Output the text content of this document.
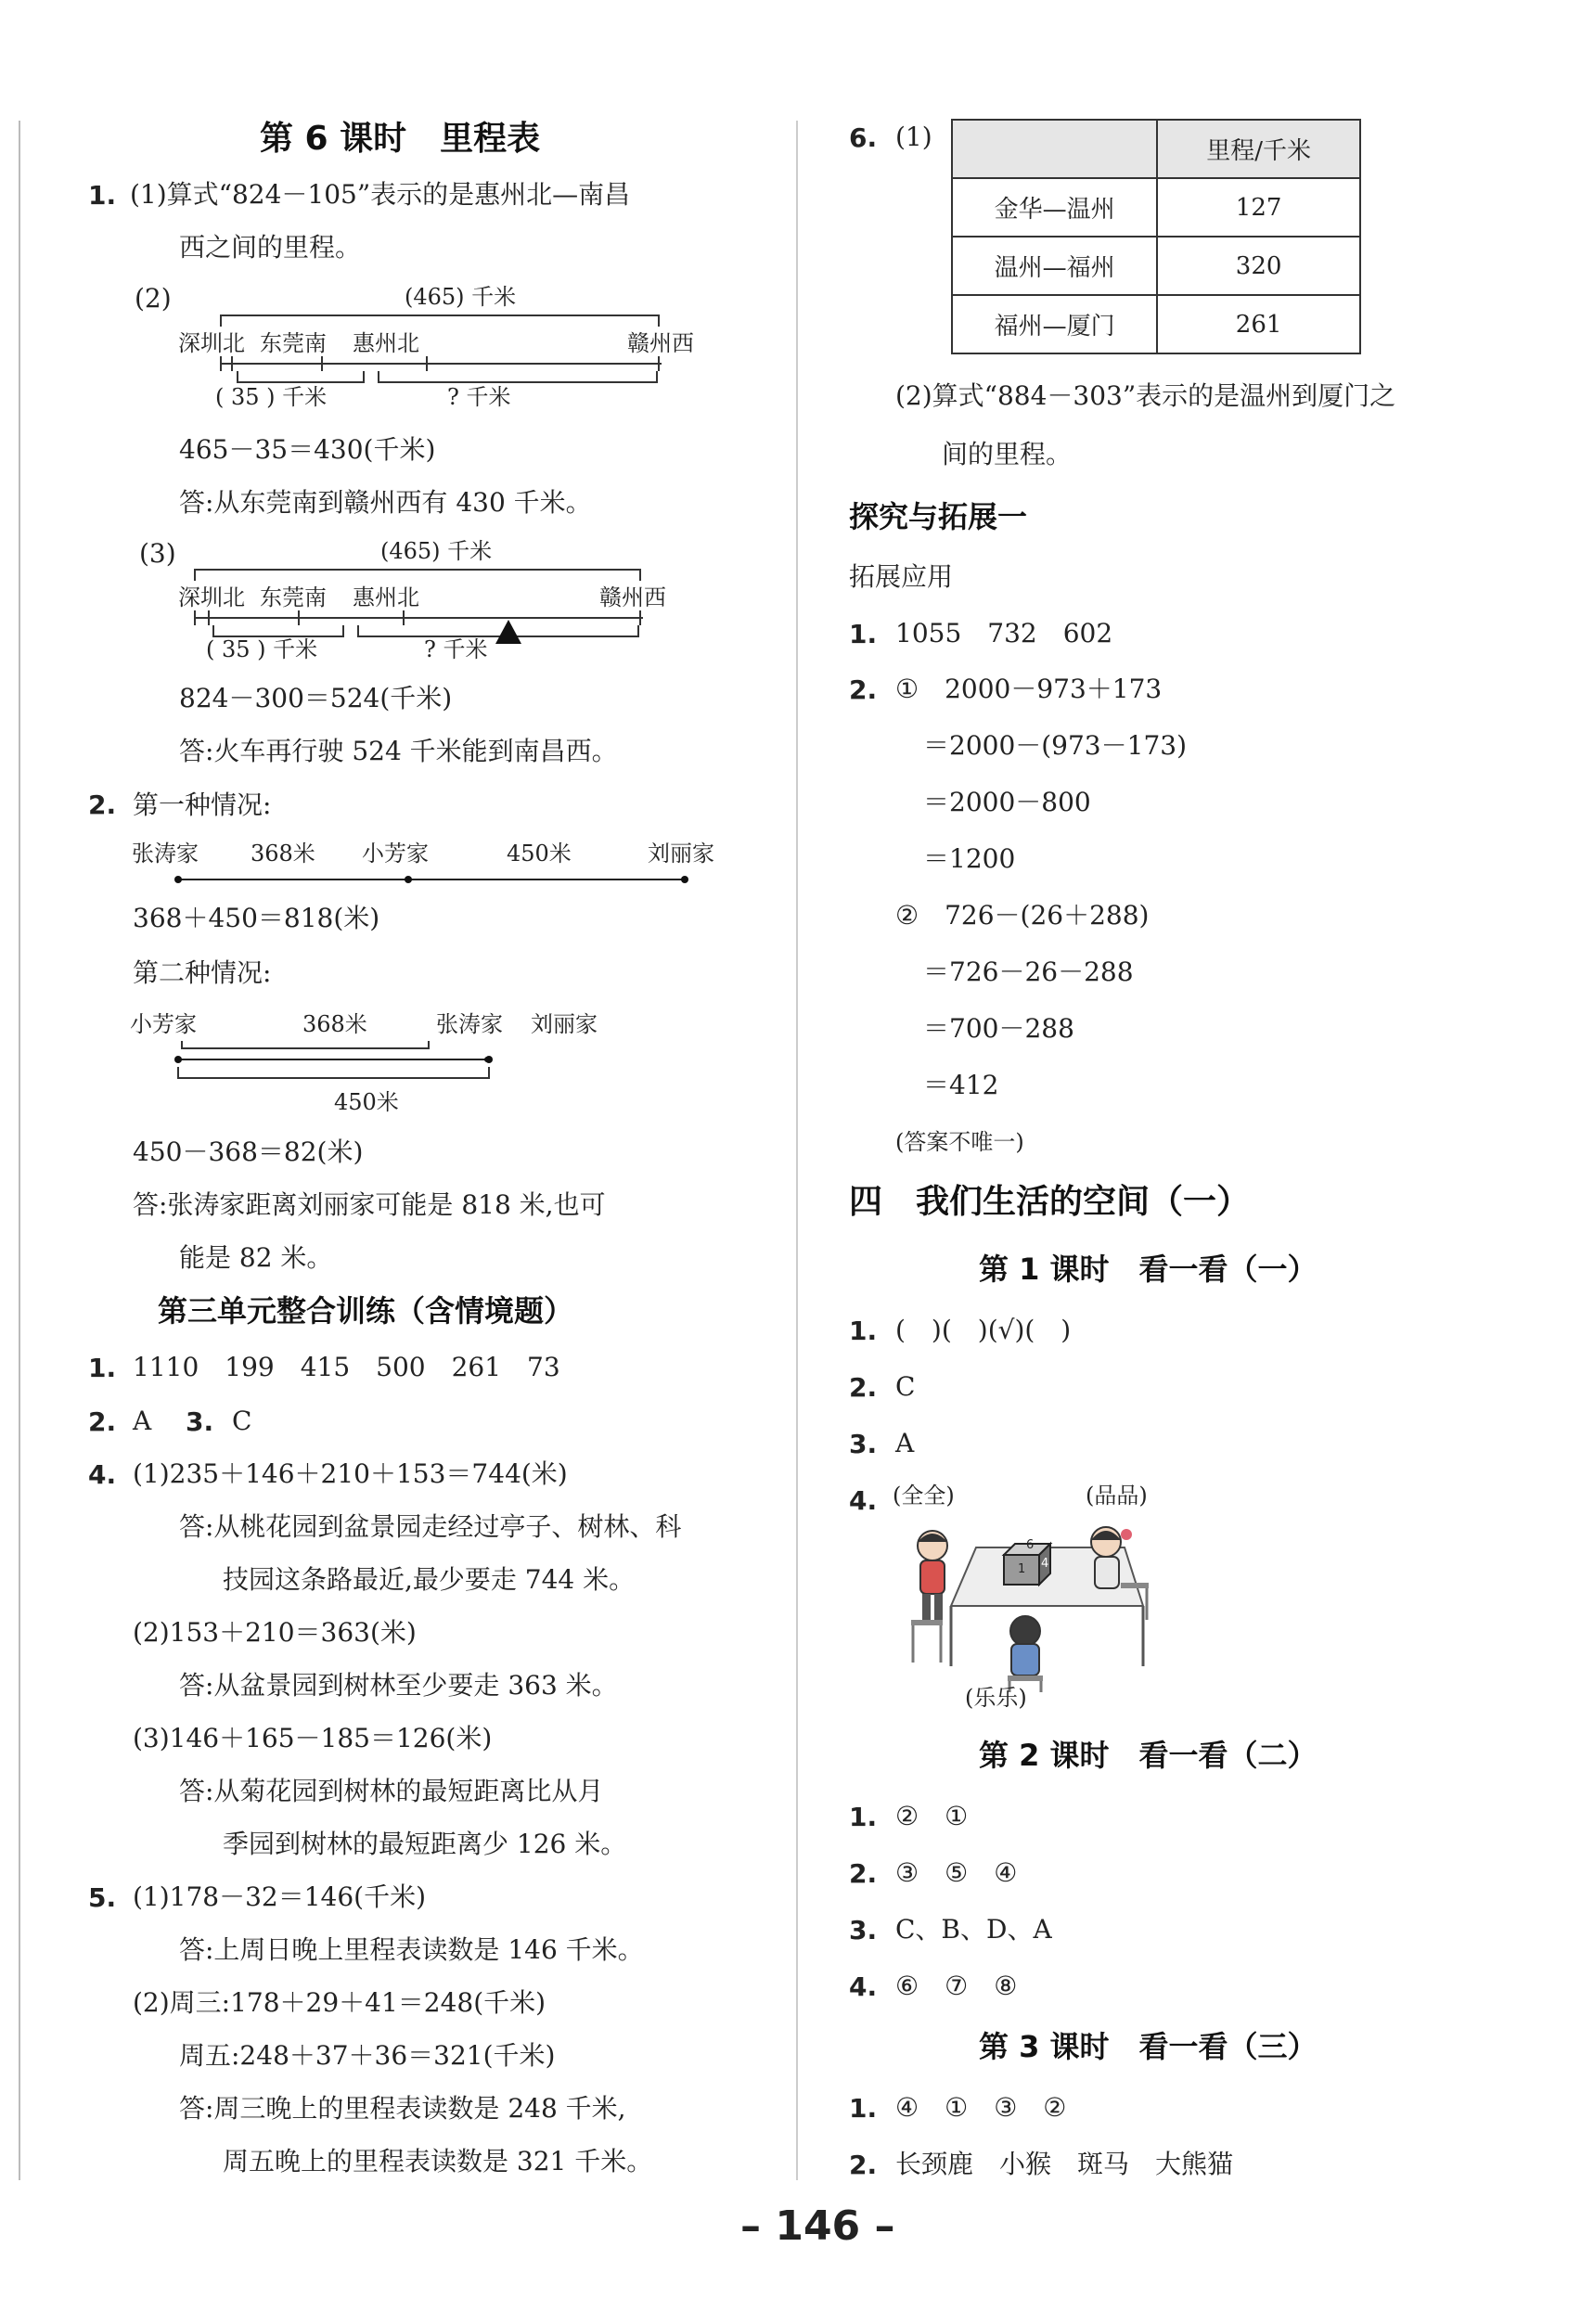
第 6 课时　里程表
1. (1)算式“824－105”表示的是惠州北—南昌
西之间的里程。
(2)	(465) 千米
深圳北 东莞南 惠州北	赣州西
( 35 ) 千米	? 千米
465－35＝430(千米)
答:从东莞南到赣州西有 430 千米。
(3)	(465) 千米
深圳北 东莞南 惠州北	赣州西
( 35 ) 千米	? 千米
824－300＝524(千米)
答:火车再行驶 524 千米能到南昌西。
2. 第一种情况:
张涛家 368米 小芳家	450米	刘丽家
368＋450＝818(米)
第二种情况:
小芳家	368米	张涛家 刘丽家
450米
450－368＝82(米)
答:张涛家距离刘丽家可能是 818 米,也可
能是 82 米。
第三单元整合训练（含情境题）
1. 1110　199　415　500　261　73
2. A 3. C
4. (1)235＋146＋210＋153＝744(米)
答:从桃花园到盆景园走经过亭子、树林、科
技园这条路最近,最少要走 744 米。
(2)153＋210＝363(米)
答:从盆景园到树林至少要走 363 米。
(3)146＋165－185＝126(米)
答:从菊花园到树林的最短距离比从月
季园到树林的最短距离少 126 米。
5. (1)178－32＝146(千米)
答:上周日晚上里程表读数是 146 千米。
(2)周三:178＋29＋41＝248(千米)
周五:248＋37＋36＝321(千米)
答:周三晚上的里程表读数是 248 千米,
周五晚上的里程表读数是 321 千米。
6. (1)
		里程/千米
金华—温州	127
温州—福州	320
福州—厦门	261
(2)算式“884－303”表示的是温州到厦门之
间的里程。
探究与拓展一
拓展应用
1. 1055　732　602
2. ①　2000－973＋173
＝2000－(973－173)
＝2000－800
＝1200
②　726－(26＋288)
＝726－26－288
＝700－288
＝412
(答案不唯一)
四　我们生活的空间（一）
第 1 课时　看一看（一）
1. (　)(　)(√)(　)
2. C
3. A
4. (全全)	(品品)
6
1 4
(乐乐)
第 2 课时　看一看（二）
1. ②　①
2. ③　⑤　④
3. C、B、D、A
4. ⑥　⑦　⑧
第 3 课时　看一看（三）
1. ④　①　③　②
2. 长颈鹿　小猴　斑马　大熊猫
– 146 –
